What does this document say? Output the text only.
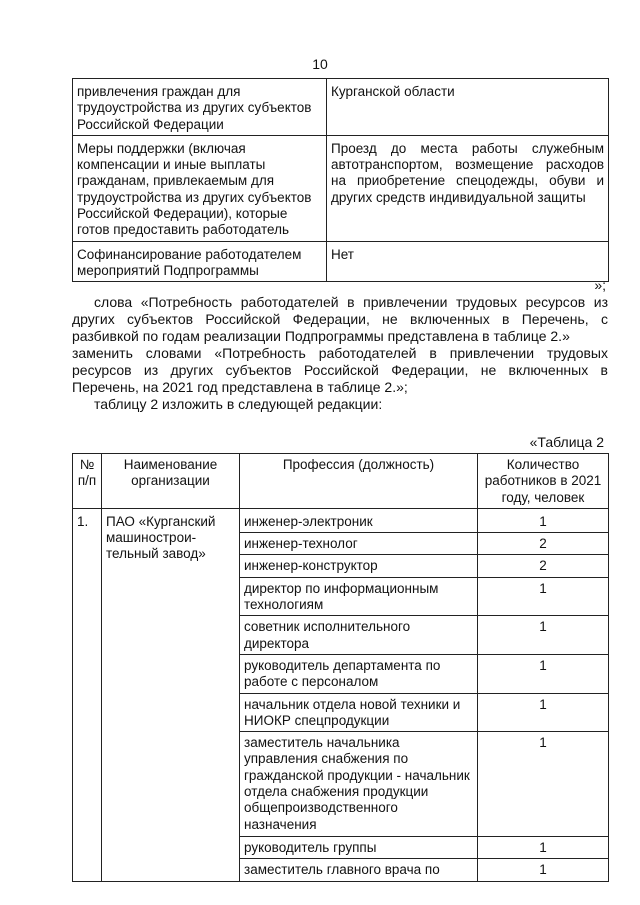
10
привлечения граждан для трудоустройства из других субъектов Российской Федерации	Курганской области
Меры поддержки (включая компенсации и иные выплаты гражданам, привлекаемым для трудоустройства из других субъектов Российской Федерации), которые готов предоставить работодатель	Проезд до места работы служебным автотранспортом, возмещение расходов на приобретение спецодежды, обуви и других средств индивидуальной защиты
Софинансирование работодателем мероприятий Подпрограммы	Нет
»;
слова «Потребность работодателей в привлечении трудовых ресурсов из других субъектов Российской Федерации, не включенных в Перечень, с разбивкой по годам реализации Подпрограммы представлена в таблице 2.»
заменить словами «Потребность работодателей в привлечении трудовых ресурсов из других субъектов Российской Федерации, не включенных в Перечень, на 2021 год представлена в таблице 2.»;
таблицу 2 изложить в следующей редакции:
«Таблица 2
№ п/п	Наименование организации	Профессия (должность)	Количество работников в 2021 году, человек
1.	ПАО «Курганский машинострои-тельный завод»	инженер-электроник	1
		инженер-технолог	2
		инженер-конструктор	2
		директор по информационным технологиям	1
		советник исполнительного директора	1
		руководитель департамента по работе с персоналом	1
		начальник отдела новой техники и НИОКР спецпродукции	1
		заместитель начальника управления снабжения по гражданской продукции - начальник отдела снабжения продукции общепроизводственного назначения	1
		руководитель группы	1
		заместитель главного врача по	1
